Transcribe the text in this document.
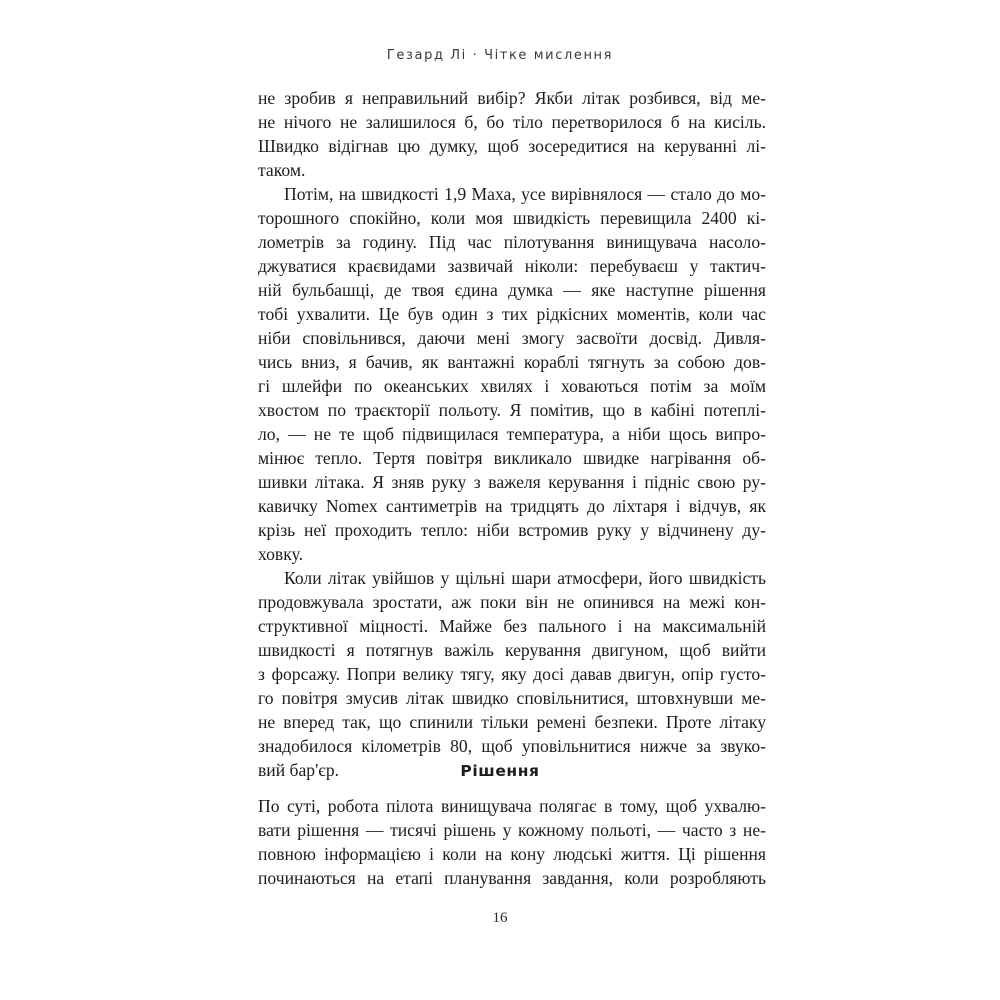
Гезард Лі · Чітке мислення
не зробив я неправильний вибір? Якби літак розбився, від ме-
не нічого не залишилося б, бо тіло перетворилося б на кисіль.
Швидко відігнав цю думку, щоб зосередитися на керуванні лі-
таком.
Потім, на швидкості 1,9 Маха, усе вирівнялося — стало до мо-
торошного спокійно, коли моя швидкість перевищила 2400 кі-
лометрів за годину. Під час пілотування винищувача насоло-
джуватися краєвидами зазвичай ніколи: перебуваєш у тактич-
ній бульбашці, де твоя єдина думка — яке наступне рішення
тобі ухвалити. Це був один з тих рідкісних моментів, коли час
ніби сповільнився, даючи мені змогу засвоїти досвід. Дивля-
чись вниз, я бачив, як вантажні кораблі тягнуть за собою дов-
гі шлейфи по океанських хвилях і ховаються потім за моїм
хвостом по траєкторії польоту. Я помітив, що в кабіні потеплі-
ло, — не те щоб підвищилася температура, а ніби щось випро-
мінює тепло. Тертя повітря викликало швидке нагрівання об-
шивки літака. Я зняв руку з важеля керування і підніс свою ру-
кавичку Nomex сантиметрів на тридцять до ліхтаря і відчув, як
крізь неї проходить тепло: ніби встромив руку у відчинену ду-
ховку.
Коли літак увійшов у щільні шари атмосфери, його швидкість
продовжувала зростати, аж поки він не опинився на межі кон-
структивної міцності. Майже без пального і на максимальній
швидкості я потягнув важіль керування двигуном, щоб вийти
з форсажу. Попри велику тягу, яку досі давав двигун, опір густо-
го повітря змусив літак швидко сповільнитися, штовхнувши ме-
не вперед так, що спинили тільки ремені безпеки. Проте літаку
знадобилося кілометрів 80, щоб уповільнитися нижче за звуко-
вий бар'єр.	Рішення
По суті, робота пілота винищувача полягає в тому, щоб ухвалю-
вати рішення — тисячі рішень у кожному польоті, — часто з не-
повною інформацією і коли на кону людські життя. Ці рішення
починаються на етапі планування завдання, коли розробляють
16
